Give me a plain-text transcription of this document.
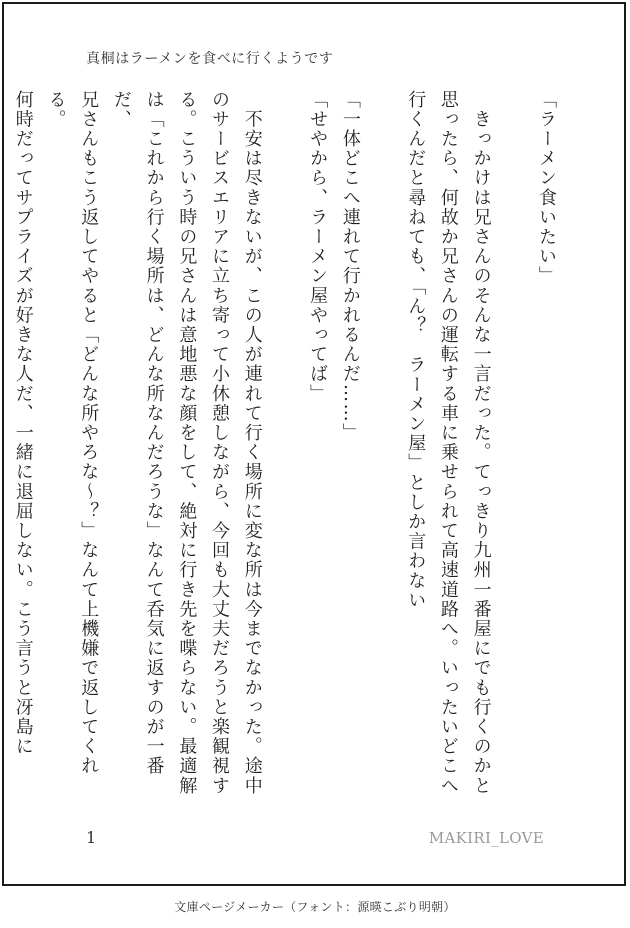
真桐はラーメンを食べに行くようです

「ラーメン食いたい」

　きっかけは兄さんのそんな一言だった。てっきり九州一番屋にでも行くのかと

思ったら、何故か兄さんの運転する車に乗せられて高速道路へ。いったいどこへ

行くんだと尋ねても、「ん？　ラーメン屋」としか言わない

「一体どこへ連れて行かれるんだ……」

「せやから、ラーメン屋やってば」

　不安は尽きないが、この人が連れて行く場所に変な所は今までなかった。途中

のサービスエリアに立ち寄って小休憩しながら、今回も大丈夫だろうと楽観視す

る。こういう時の兄さんは意地悪な顔をして、絶対に行き先を喋らない。最適解

は「これから行く場所は、どんな所なんだろうな」なんて呑気に返すのが一番だ、

兄さんもこう返してやると「どんな所やろな〜？」なんて上機嫌で返してくれる。

何時だってサプライズが好きな人だ、一緒に退屈しない。こう言うと冴島に

1	MAKIRI_LOVE
文庫ページメーカー（フォント：源暎こぶり明朝）
